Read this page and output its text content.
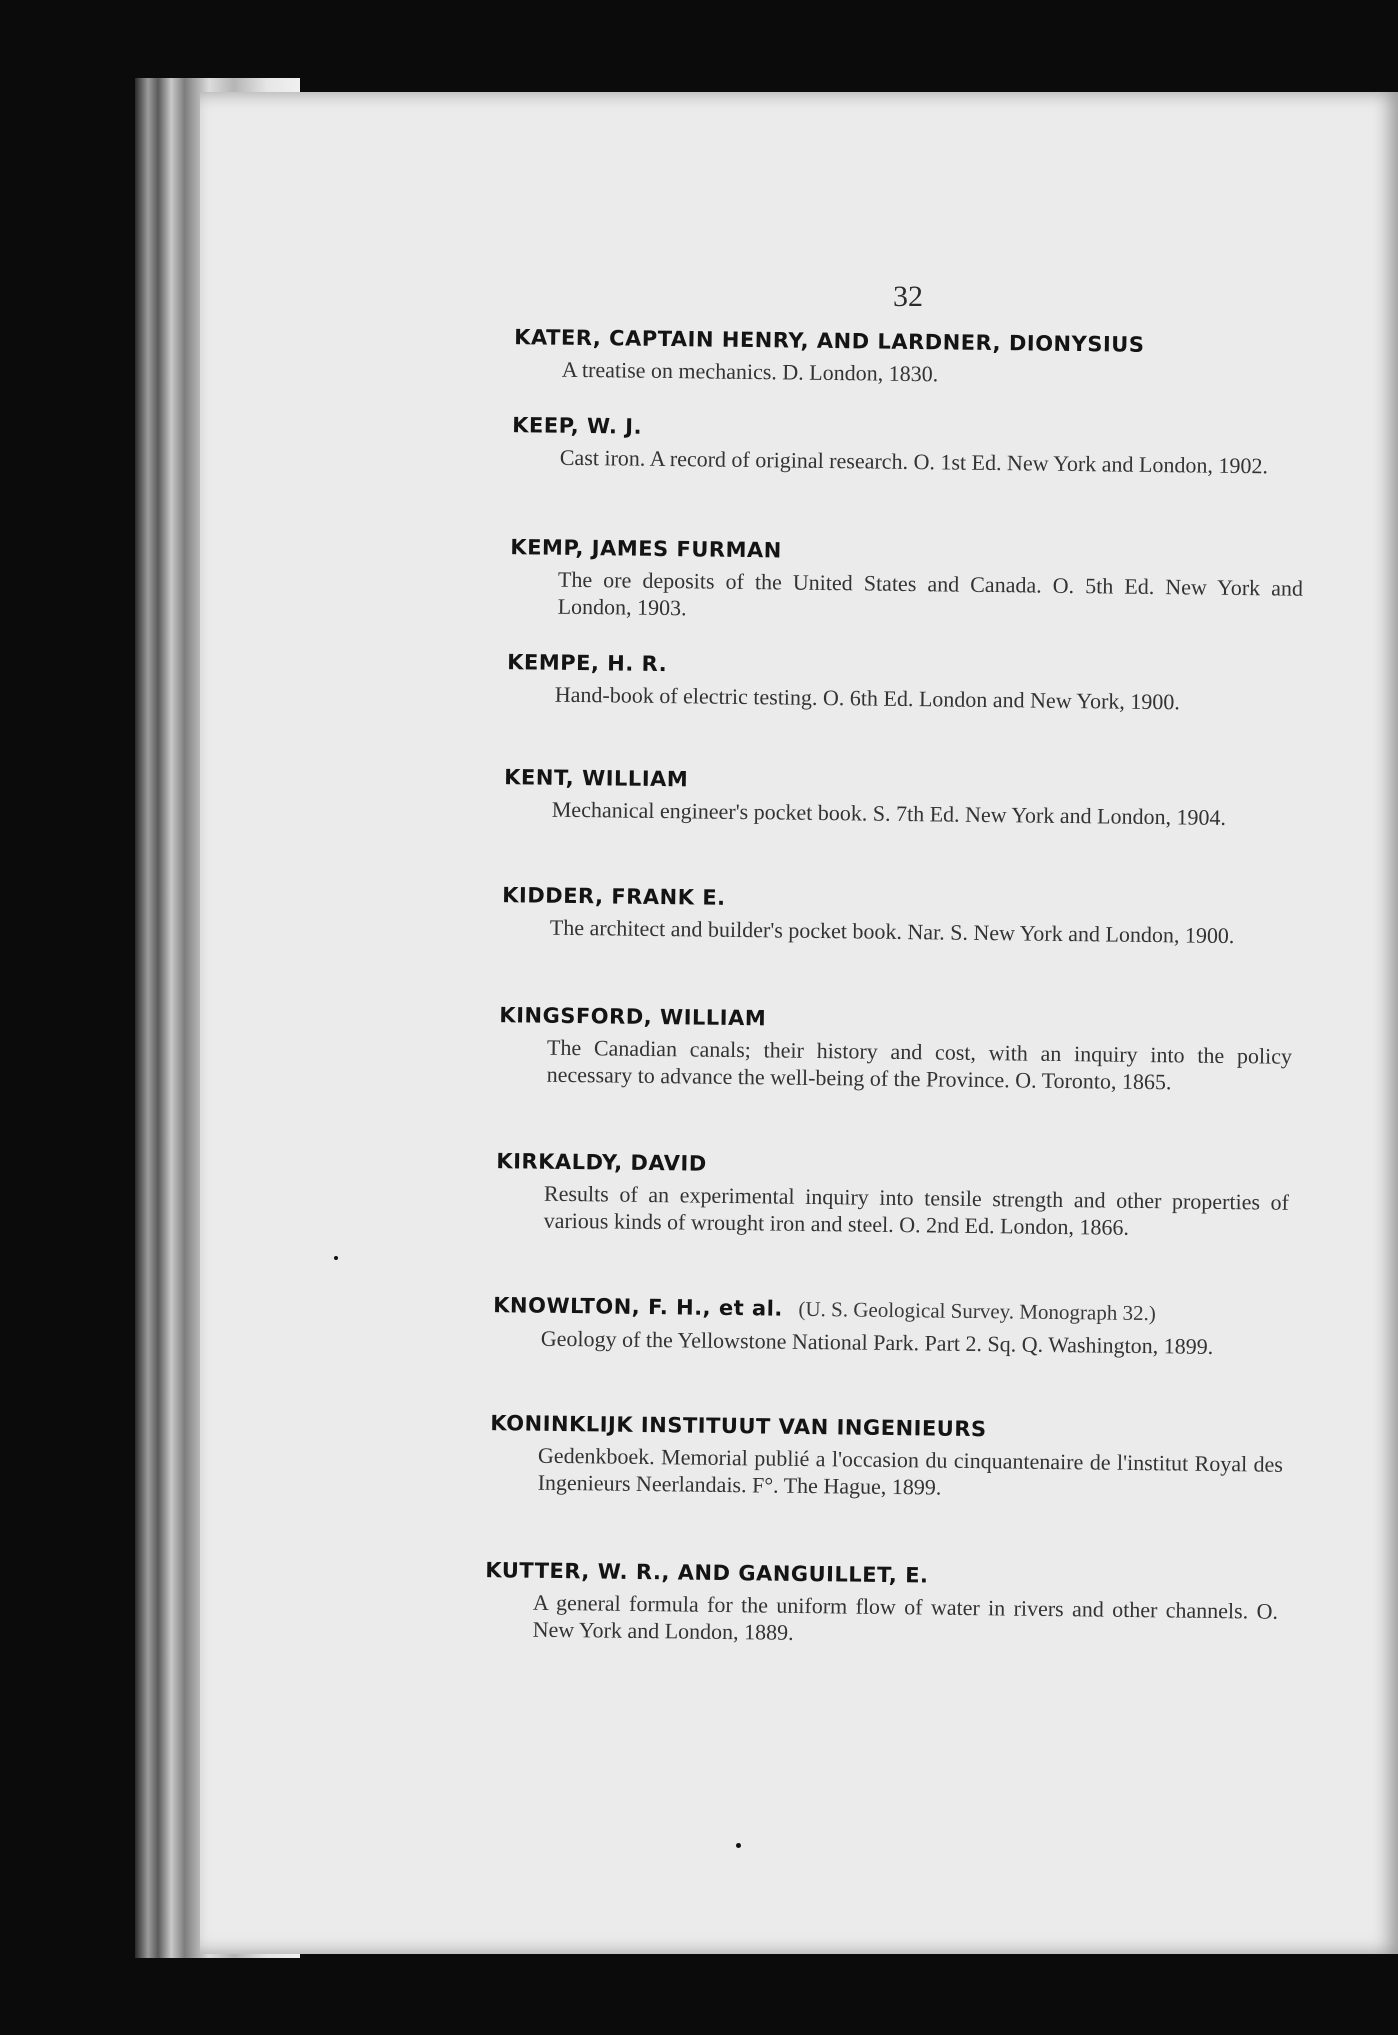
32
KATER, CAPTAIN HENRY, AND LARDNER, DIONYSIUS
A treatise on mechanics. D. London, 1830.
KEEP, W. J.
Cast iron. A record of original research. O. 1st Ed. New York and London, 1902.
KEMP, JAMES FURMAN
The ore deposits of the United States and Canada. O. 5th Ed. New York and London, 1903.
KEMPE, H. R.
Hand-book of electric testing. O. 6th Ed. London and New York, 1900.
KENT, WILLIAM
Mechanical engineer's pocket book. S. 7th Ed. New York and London, 1904.
KIDDER, FRANK E.
The architect and builder's pocket book. Nar. S. New York and London, 1900.
KINGSFORD, WILLIAM
The Canadian canals; their history and cost, with an inquiry into the policy necessary to advance the well-being of the Province. O. Toronto, 1865.
KIRKALDY, DAVID
Results of an experimental inquiry into tensile strength and other properties of various kinds of wrought iron and steel. O. 2nd Ed. London, 1866.
KNOWLTON, F. H., et al. (U. S. Geological Survey. Monograph 32.)
Geology of the Yellowstone National Park. Part 2. Sq. Q. Washington, 1899.
KONINKLIJK INSTITUUT VAN INGENIEURS
Gedenkboek. Memorial publié a l'occasion du cinquantenaire de l'institut Royal des Ingenieurs Neerlandais. F°. The Hague, 1899.
KUTTER, W. R., AND GANGUILLET, E.
A general formula for the uniform flow of water in rivers and other channels. O. New York and London, 1889.
